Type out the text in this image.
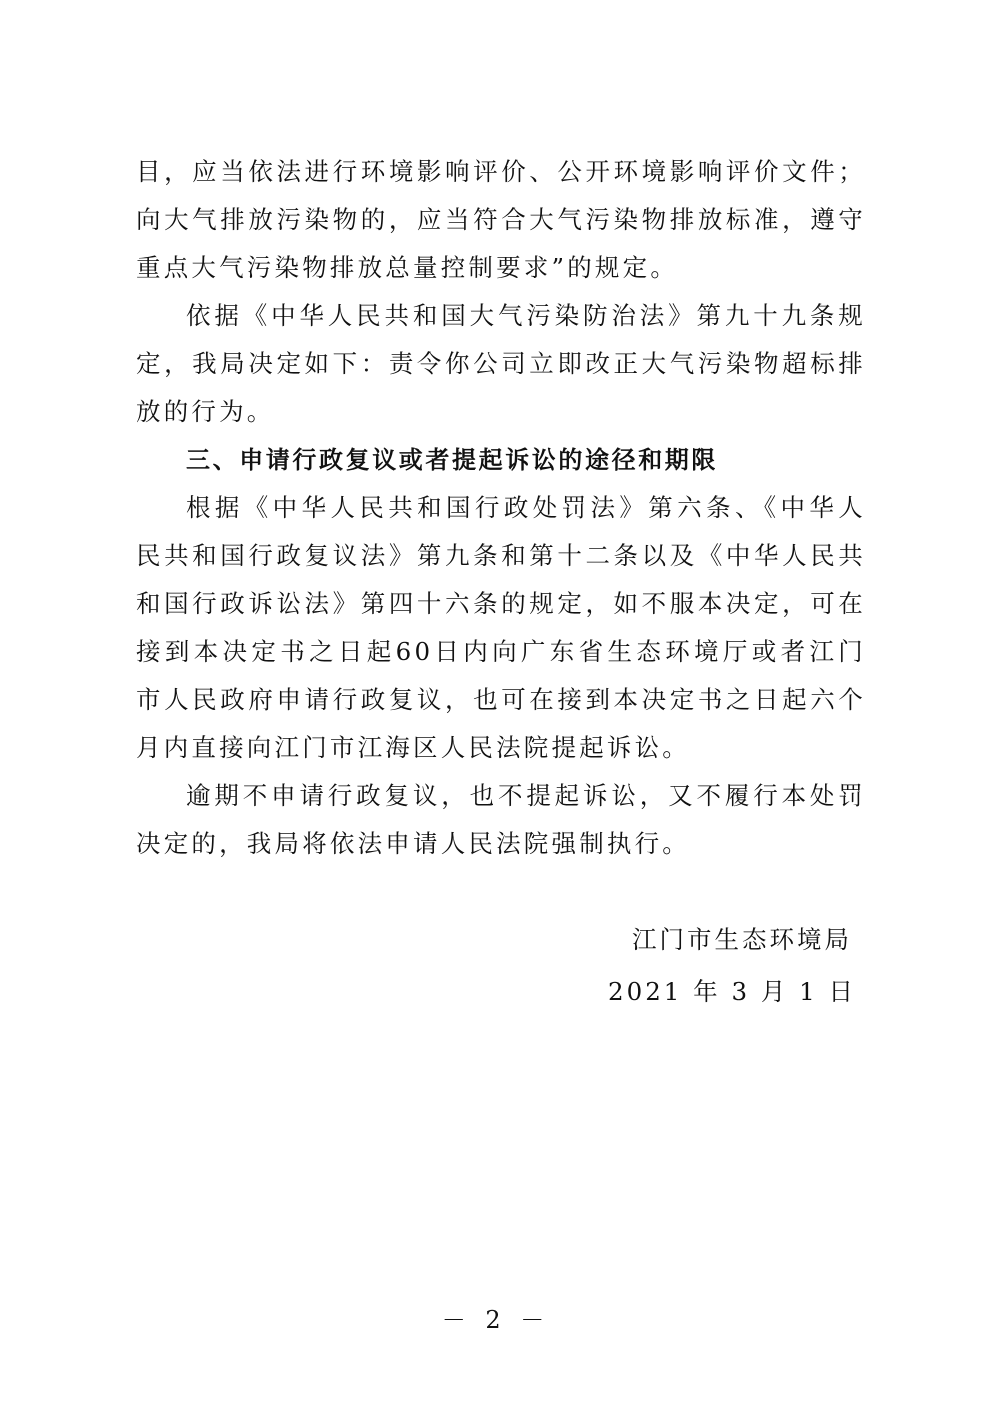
目，应当依法进行环境影响评价、公开环境影响评价文件；向大气排放污染物的，应当符合大气污染物排放标准，遵守重点大气污染物排放总量控制要求”的规定。

依据《中华人民共和国大气污染防治法》第九十九条规定，我局决定如下：责令你公司立即改正大气污染物超标排放的行为。

三、申请行政复议或者提起诉讼的途径和期限

根据《中华人民共和国行政处罚法》第六条、《中华人民共和国行政复议法》第九条和第十二条以及《中华人民共和国行政诉讼法》第四十六条的规定，如不服本决定，可在接到本决定书之日起60日内向广东省生态环境厅或者江门市人民政府申请行政复议，也可在接到本决定书之日起六个月内直接向江门市江海区人民法院提起诉讼。

逾期不申请行政复议，也不提起诉讼，又不履行本处罚决定的，我局将依法申请人民法院强制执行。

江门市生态环境局
2021 年 3 月 1 日
－ 2 －
